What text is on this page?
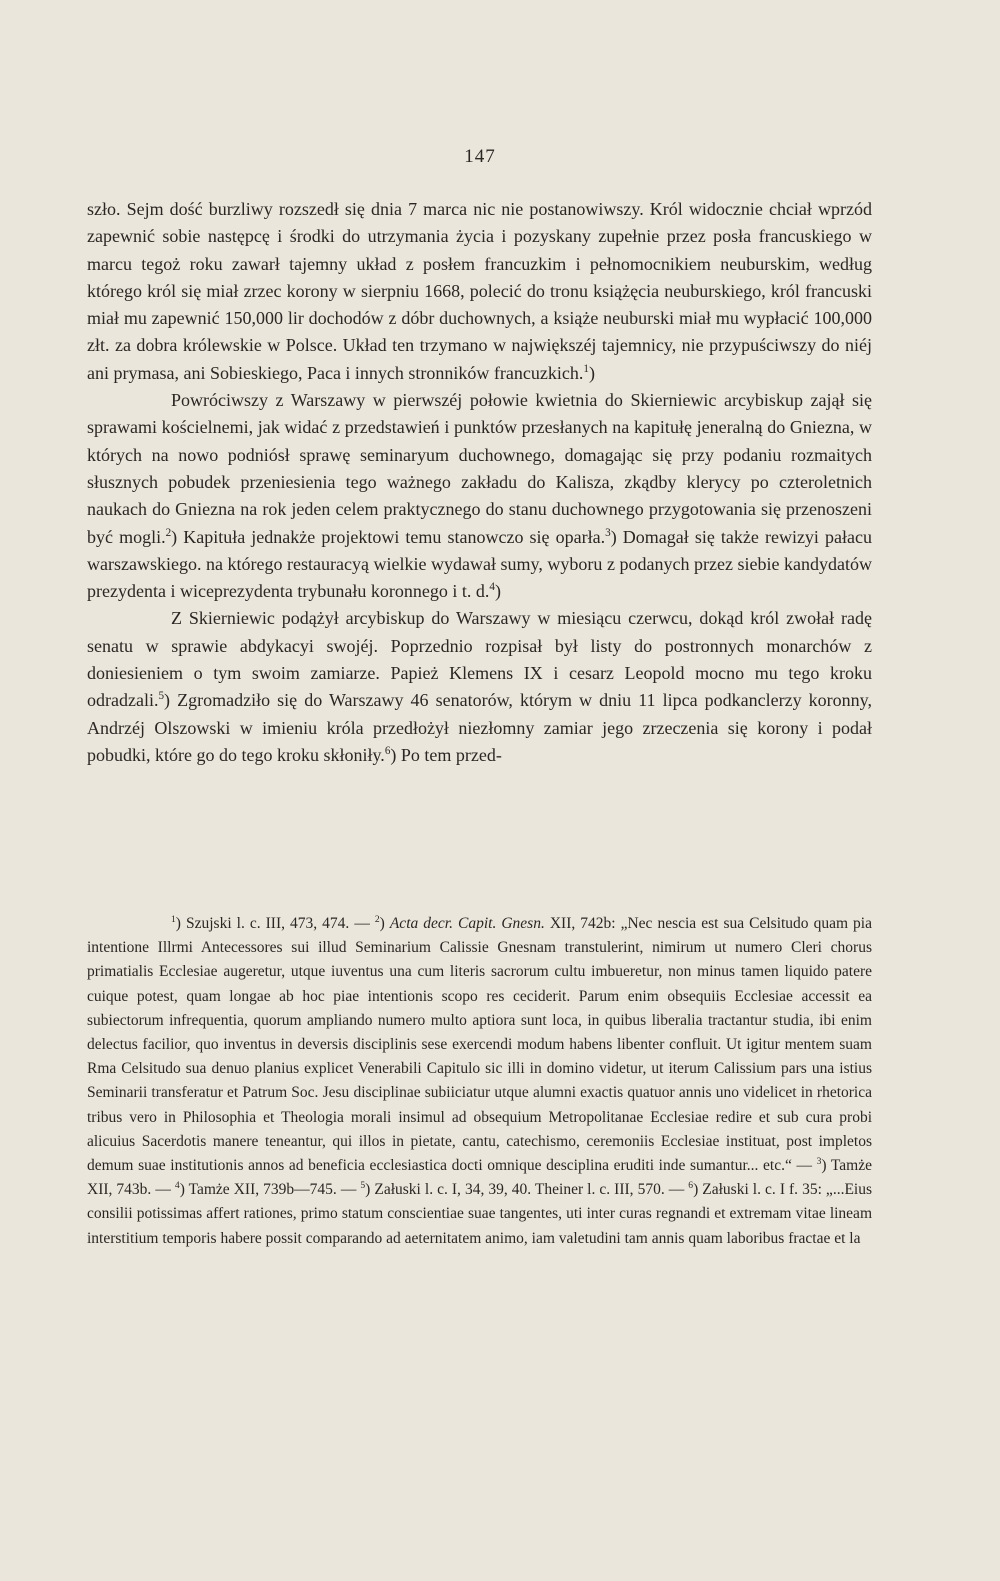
147

szło. Sejm dość burzliwy rozszedł się dnia 7 marca nic nie postanowiwszy. Król widocznie chciał wprzód zapewnić sobie następcę i środki do utrzymania życia i pozyskany zupełnie przez posła francuskiego w marcu tegoż roku zawarł tajemny układ z posłem francuzkim i pełnomocnikiem neuburskim, według którego król się miał zrzec korony w sierpniu 1668, polecić do tronu książęcia neuburskiego, król francuski miał mu zapewnić 150,000 lir dochodów z dóbr duchownych, a książe neuburski miał mu wypłacić 100,000 złt. za dobra królewskie w Polsce. Układ ten trzymano w największéj tajemnicy, nie przypuściwszy do niéj ani prymasa, ani Sobieskiego, Paca i innych stronników francuzkich.$^1$)

Powróciwszy z Warszawy w pierwszéj połowie kwietnia do Skierniewic arcybiskup zajął się sprawami kościelnemi, jak widać z przedstawień i punktów przesłanych na kapitułę jeneralną do Gniezna, w których na nowo podniósł sprawę seminaryum duchownego, domagając się przy podaniu rozmaitych słusznych pobudek przeniesienia tego ważnego zakładu do Kalisza, zkądby klerycy po czteroletnich naukach do Gniezna na rok jeden celem praktycznego do stanu duchownego przygotowania się przenoszeni być mogli.$^2$) Kapituła jednakże projektowi temu stanowczo się oparła.$^3$) Domagał się także rewizyi pałacu warszawskiego. na którego restauracyą wielkie wydawał sumy, wyboru z podanych przez siebie kandydatów prezydenta i wiceprezydenta trybunału koronnego i t. d.$^4$)

Z Skierniewic podążył arcybiskup do Warszawy w miesiącu czerwcu, dokąd król zwołał radę senatu w sprawie abdykacyi swojéj. Poprzednio rozpisał był listy do postronnych monarchów z doniesieniem o tym swoim zamiarze. Papież Klemens IX i cesarz Leopold mocno mu tego kroku odradzali.$^5$) Zgromadziło się do Warszawy 46 senatorów, którym w dniu 11 lipca podkanclerzy koronny, Andrzéj Olszowski w imieniu króla przedłożył niezłomny zamiar jego zrzeczenia się korony i podał pobudki, które go do tego kroku skłoniły.$^6$) Po tem przed-

$^1$) Szujski l. c. III, 473, 474. — $^2$) Acta decr. Capit. Gnesn. XII, 742b: „Nec nescia est sua Celsitudo quam pia intentione Illrmi Antecessores sui illud Seminarium Calissie Gnesnam transtulerint, nimirum ut numero Cleri chorus primatialis Ecclesiae augeretur, utque iuventus una cum literis sacrorum cultu imbueretur, non minus tamen liquido patere cuique potest, quam longae ab hoc piae intentionis scopo res ceciderit. Parum enim obsequiis Ecclesiae accessit ea subiectorum infrequentia, quorum ampliando numero multo aptiora sunt loca, in quibus liberalia tractantur studia, ibi enim delectus facilior, quo inventus in deversis disciplinis sese exercendi modum habens libenter confluit. Ut igitur mentem suam Rma Celsitudo sua denuo planius explicet Venerabili Capitulo sic illi in domino videtur, ut iterum Calissium pars una istius Seminarii transferatur et Patrum Soc. Jesu disciplinae subiiciatur utque alumni exactis quatuor annis uno videlicet in rhetorica tribus vero in Philosophia et Theologia morali insimul ad obsequium Metropolitanae Ecclesiae redire et sub cura probi alicuius Sacerdotis manere teneantur, qui illos in pietate, cantu, catechismo, ceremoniis Ecclesiae instituat, post impletos demum suae institutionis annos ad beneficia ecclesiastica docti omnique desciplina eruditi inde sumantur... etc.“ — $^3$) Tamże XII, 743b. — $^4$) Tamże XII, 739b—745. — $^5$) Załuski l. c. I, 34, 39, 40. Theiner l. c. III, 570. — $^6$) Załuski l. c. I f. 35: „...Eius consilii potissimas affert rationes, primo statum conscientiae suae tangentes, uti inter curas regnandi et extremam vitae lineam interstitium temporis habere possit comparando ad aeternitatem animo, iam valetudini tam annis quam laboribus fractae et la
